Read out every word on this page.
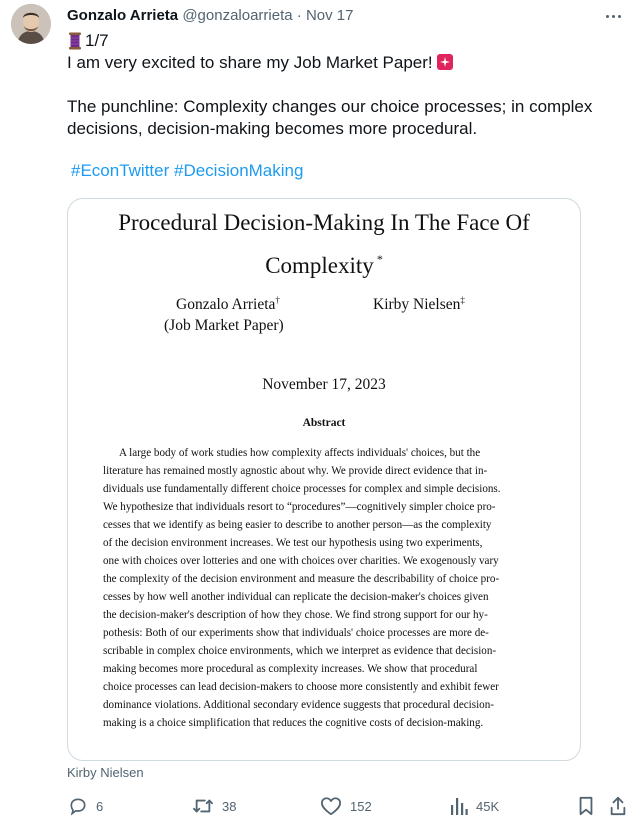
Gonzalo Arrieta @gonzaloarrieta · Nov 17
1/7
I am very excited to share my Job Market Paper!
The punchline: Complexity changes our choice processes; in complex
decisions, decision-making becomes more procedural.
#EconTwitter #DecisionMaking
Procedural Decision-Making In The Face Of
Complexity *
Gonzalo Arrieta†
(Job Market Paper)
Kirby Nielsen‡
November 17, 2023
Abstract
A large body of work studies how complexity affects individuals' choices, but the
literature has remained mostly agnostic about why. We provide direct evidence that in-
dividuals use fundamentally different choice processes for complex and simple decisions.
We hypothesize that individuals resort to “procedures”—cognitively simpler choice pro-
cesses that we identify as being easier to describe to another person—as the complexity
of the decision environment increases. We test our hypothesis using two experiments,
one with choices over lotteries and one with choices over charities. We exogenously vary
the complexity of the decision environment and measure the describability of choice pro-
cesses by how well another individual can replicate the decision-maker's choices given
the decision-maker's description of how they chose. We find strong support for our hy-
pothesis: Both of our experiments show that individuals' choice processes are more de-
scribable in complex choice environments, which we interpret as evidence that decision-
making becomes more procedural as complexity increases. We show that procedural
choice processes can lead decision-makers to choose more consistently and exhibit fewer
dominance violations. Additional secondary evidence suggests that procedural decision-
making is a choice simplification that reduces the cognitive costs of decision-making.
Kirby Nielsen
6	38	152	45K
